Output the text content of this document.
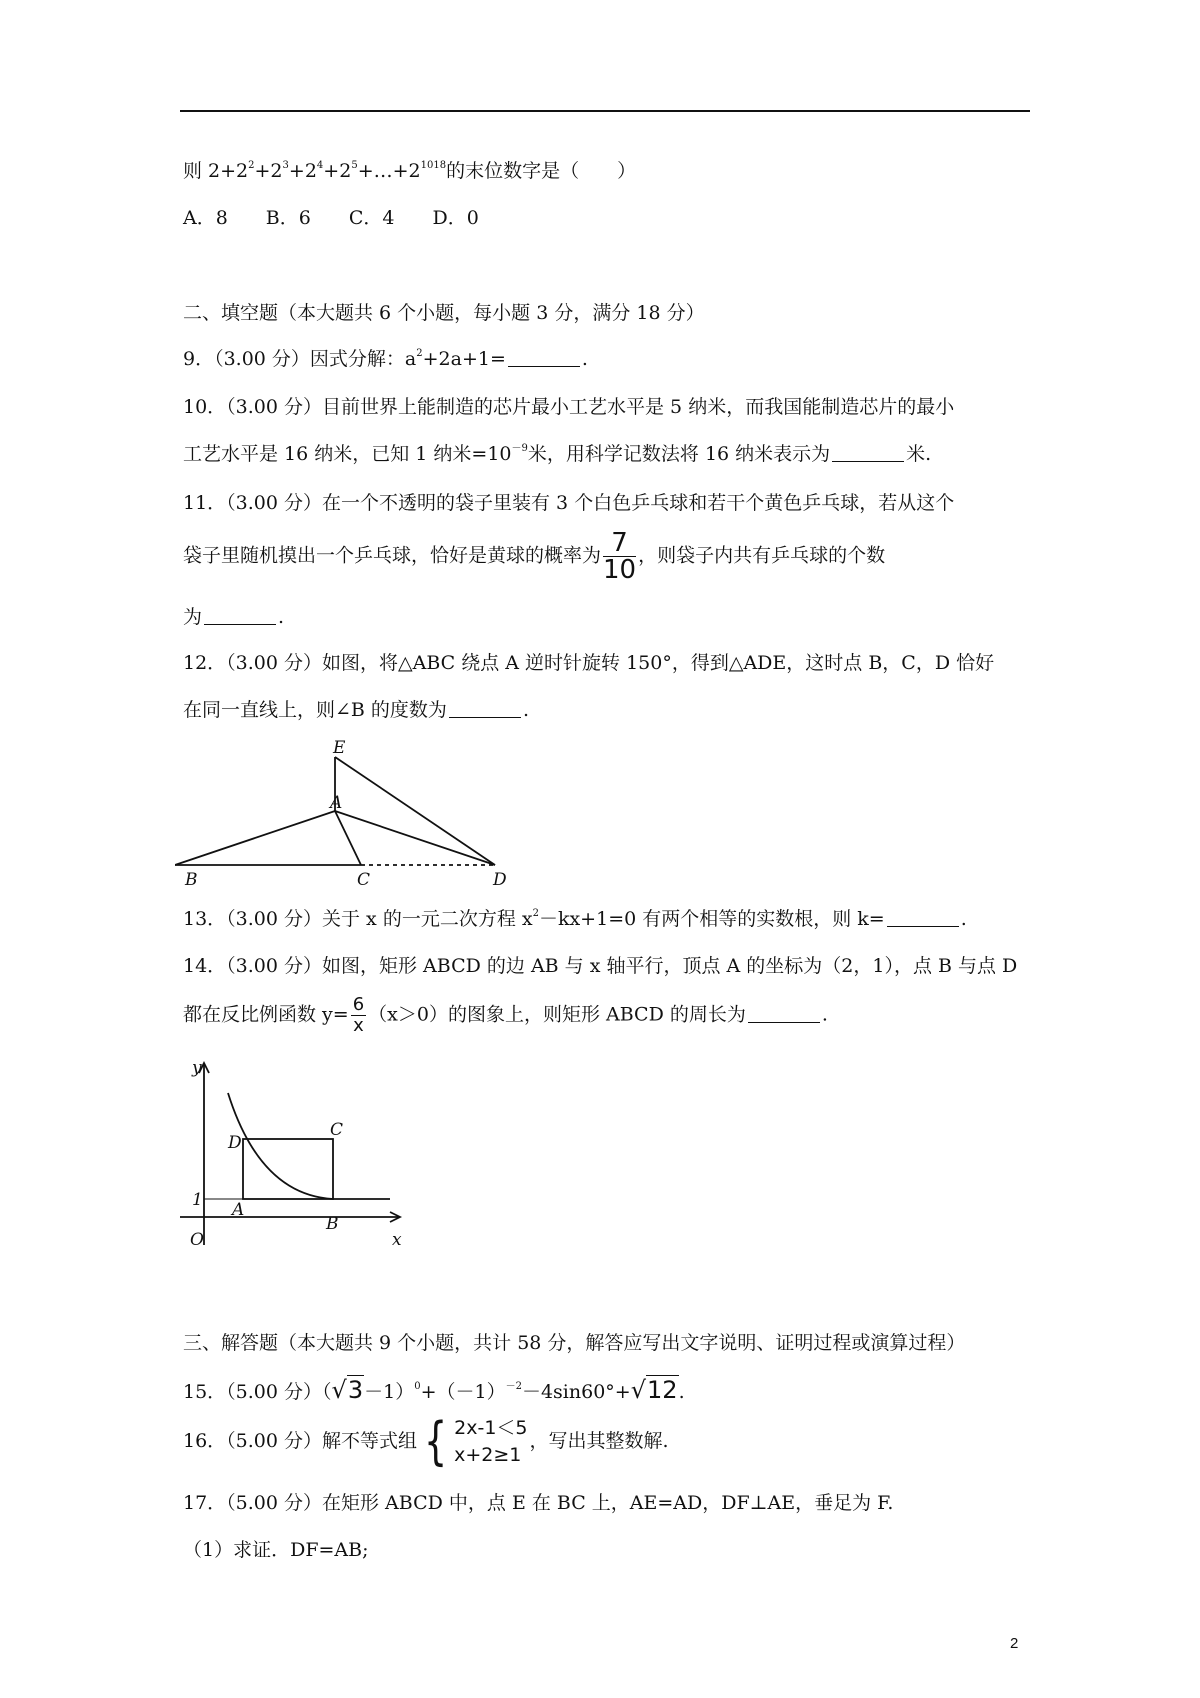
则 $2+2^2+2^3+2^4+2^5+\dots+2^{1018}$的末位数字是（　　）
A．8　　B．6　　C．4　　D．0
二、填空题（本大题共 6 个小题，每小题 3 分，满分 18 分）
9．（3.00 分）因式分解：$a^2+2a+1=$	.
10．（3.00 分）目前世界上能制造的芯片最小工艺水平是 5 纳米，而我国能制造芯片的最小
工艺水平是 16 纳米，已知 1 纳米$=10^{-9}$米，用科学记数法将 16 纳米表示为	米.
11．（3.00 分）在一个不透明的袋子里装有 3 个白色乒乓球和若干个黄色乒乓球，若从这个
袋子里随机摸出一个乒乓球，恰好是黄球的概率为 $\frac{7}{10}$ ，则袋子内共有乒乓球的个数
为	.
12．（3.00 分）如图，将△ABC 绕点 A 逆时针旋转 150°，得到△ADE，这时点 B，C，D 恰好
在同一直线上，则∠B 的度数为	.
E
A
B	C	D
13．（3.00 分）关于 x 的一元二次方程 $x^2-kx+1=0$ 有两个相等的实数根，则 k=	.
14．（3.00 分）如图，矩形 ABCD 的边 AB 与 x 轴平行，顶点 A 的坐标为（2，1），点 B 与点 D
都在反比例函数 $y= \frac{6}{x} (x>0)$的图象上，则矩形 ABCD 的周长为	.
y
x
O
1
D
C
A
B
三、解答题（本大题共 9 个小题，共计 58 分，解答应写出文字说明、证明过程或演算过程）
15．（5.00 分）$(√3-1)^0+(-1)^{-2}-4\sin 60^\circ+√12$.
16．（5.00 分）解不等式组 { 2x-1＜5
x+2≥1
，写出其整数解.
17．（5.00 分）在矩形 ABCD 中，点 E 在 BC 上，AE=AD，DF⊥AE，垂足为 F.
（1）求证．DF=AB;
2
